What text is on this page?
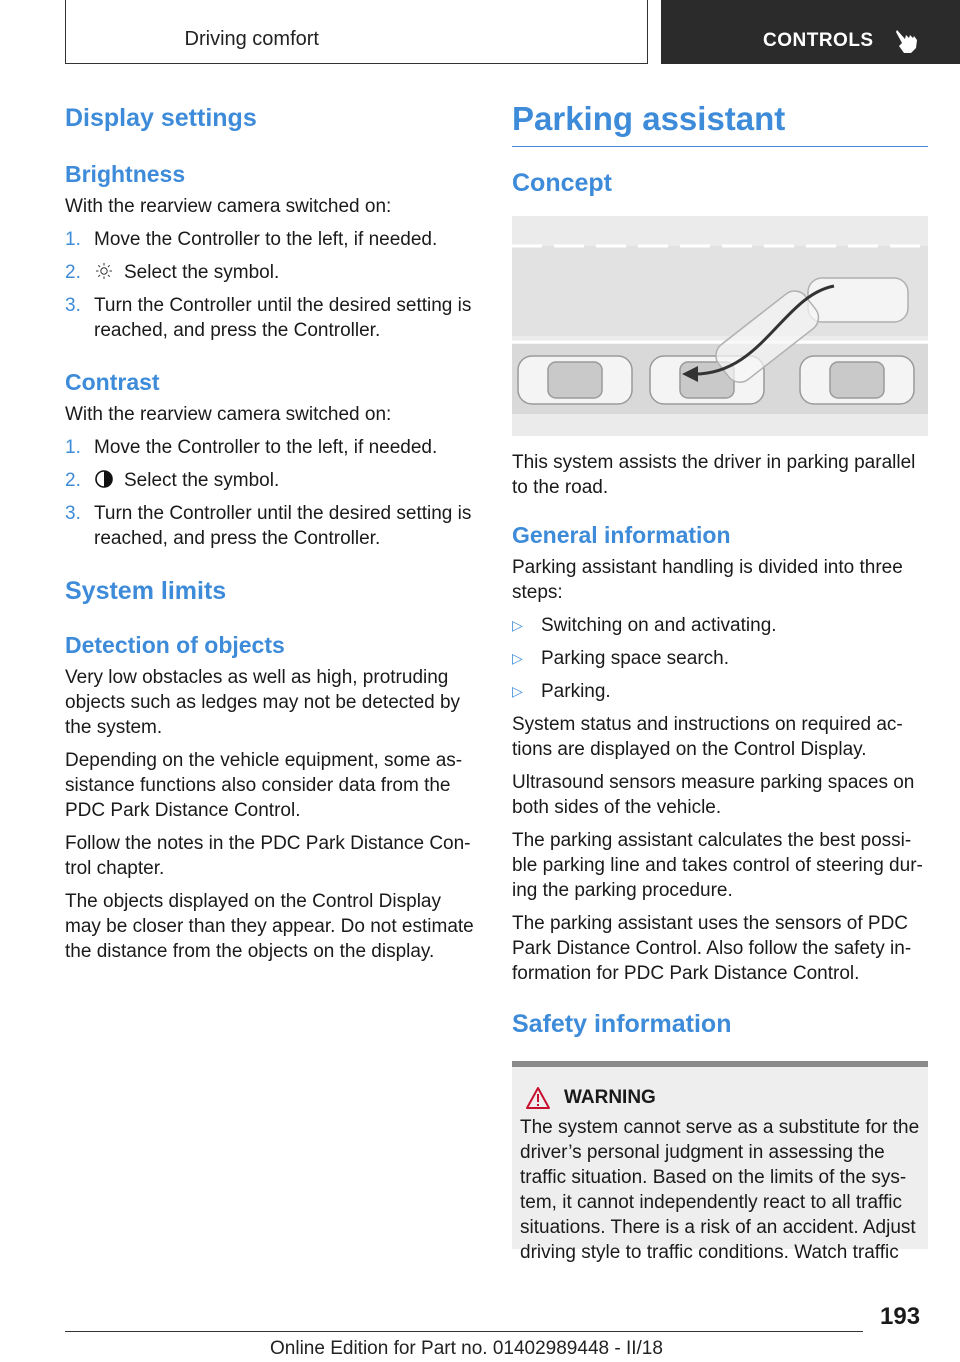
Driving comfort	CONTROLS
Display settings
Brightness

With the rearview camera switched on:

1. Move the Controller to the left, if needed.
2. Select the symbol.
3. Turn the Controller until the desired setting is reached, and press the Controller.
Contrast

With the rearview camera switched on:

1. Move the Controller to the left, if needed.
2. Select the symbol.
3. Turn the Controller until the desired setting is reached, and press the Controller.
System limits
Detection of objects

Very low obstacles as well as high, protruding objects such as ledges may not be detected by the system.

Depending on the vehicle equipment, some as‐sistance functions also consider data from the PDC Park Distance Control.

Follow the notes in the PDC Park Distance Con‐trol chapter.

The objects displayed on the Control Display may be closer than they appear. Do not estimate the distance from the objects on the display.

Parking assistant
Concept

This system assists the driver in parking parallel to the road.

General information

Parking assistant handling is divided into three steps:

▷ Switching on and activating.
▷ Parking space search.
▷ Parking.

System status and instructions on required ac‐tions are displayed on the Control Display.

Ultrasound sensors measure parking spaces on both sides of the vehicle.

The parking assistant calculates the best possi‐ble parking line and takes control of steering dur‐ing the parking procedure.

The parking assistant uses the sensors of PDC Park Distance Control. Also follow the safety in‐formation for PDC Park Distance Control.

Safety information
WARNING

The system cannot serve as a substitute for the driver’s personal judgment in assessing the traffic situation. Based on the limits of the sys‐tem, it cannot independently react to all traffic situations. There is a risk of an accident. Adjust driving style to traffic conditions. Watch traffic

193
Online Edition for Part no. 01402989448 - II/18
